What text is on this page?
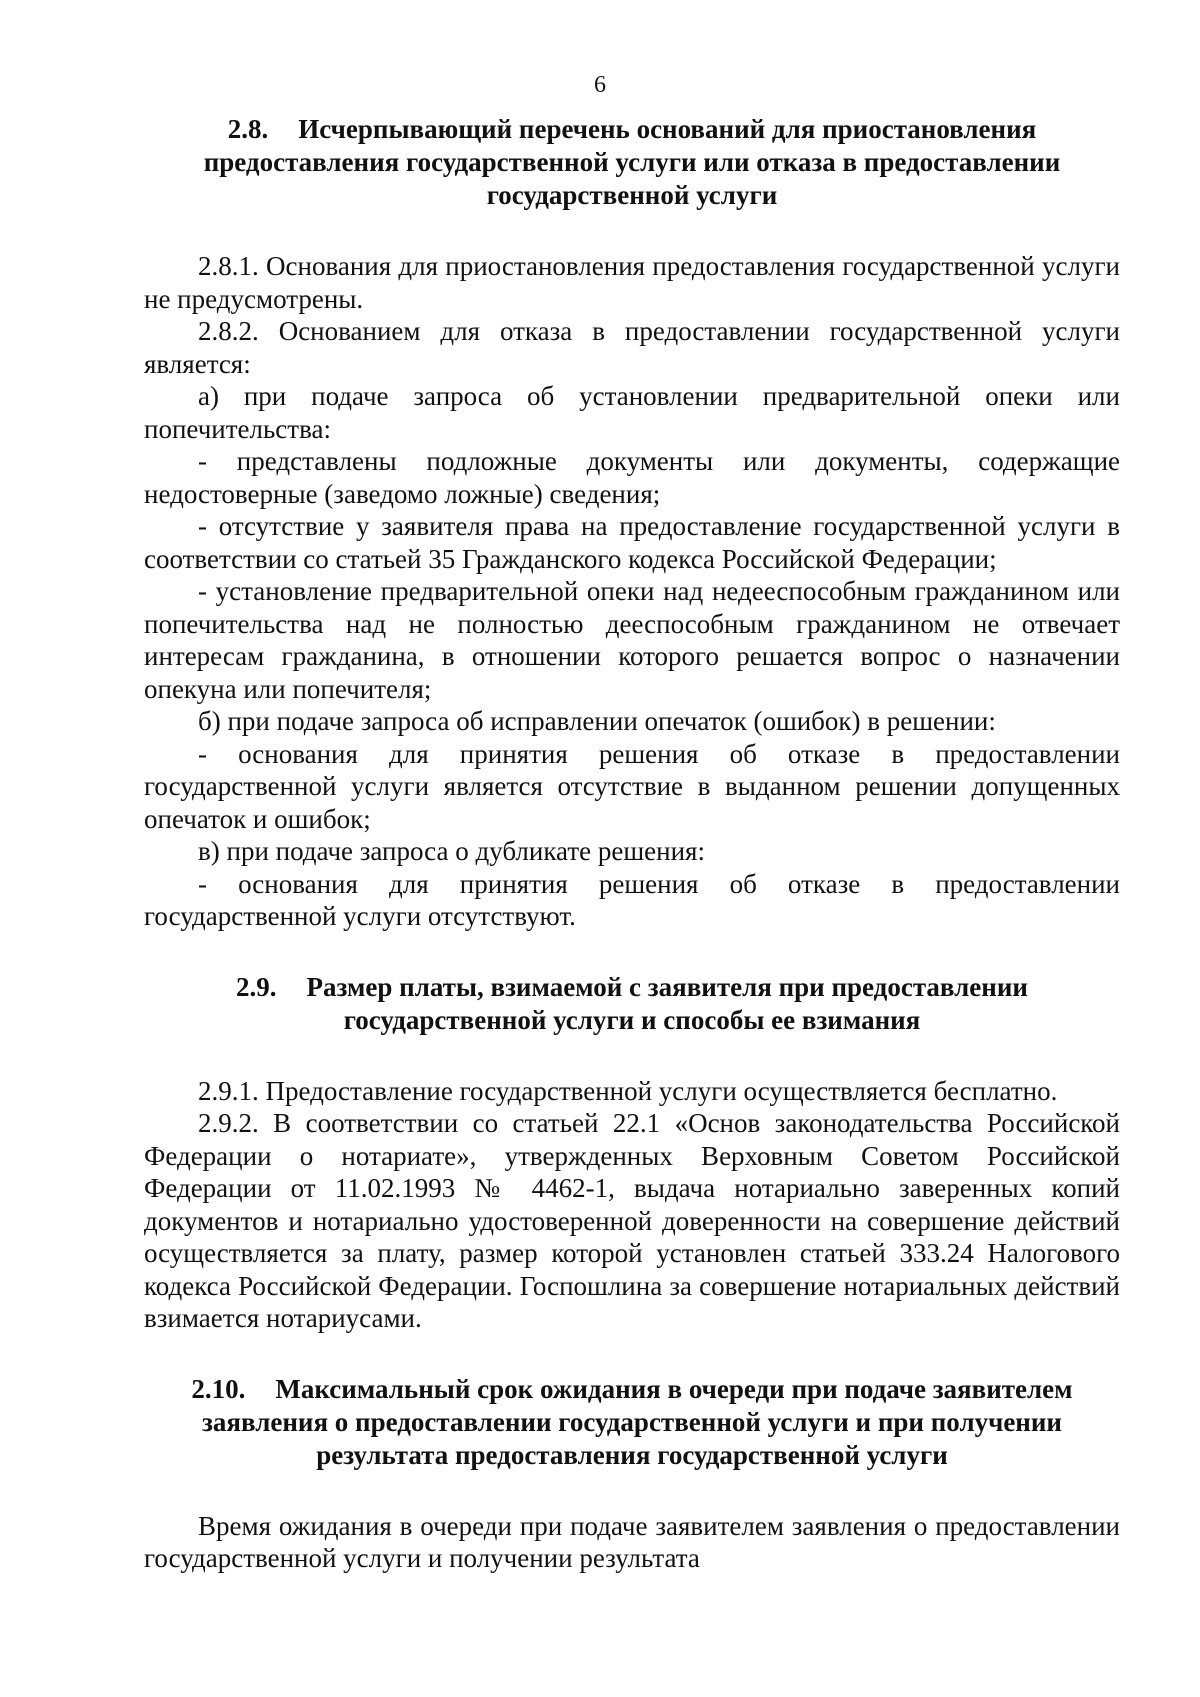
6
2.8. Исчерпывающий перечень оснований для приостановления
предоставления государственной услуги или отказа в предоставлении
государственной услуги

2.8.1. Основания для приостановления предоставления государственной услуги не предусмотрены.

2.8.2. Основанием для отказа в предоставлении государственной услуги является:

а) при подаче запроса об установлении предварительной опеки или попечительства:

- представлены подложные документы или документы, содержащие недостоверные (заведомо ложные) сведения;

- отсутствие у заявителя права на предоставление государственной услуги в соответствии со статьей 35 Гражданского кодекса Российской Федерации;

- установление предварительной опеки над недееспособным гражданином или попечительства над не полностью дееспособным гражданином не отвечает интересам гражданина, в отношении которого решается вопрос о назначении опекуна или попечителя;

б) при подаче запроса об исправлении опечаток (ошибок) в решении:

- основания для принятия решения об отказе в предоставлении государственной услуги является отсутствие в выданном решении допущенных опечаток и ошибок;

в) при подаче запроса о дубликате решения:

- основания для принятия решения об отказе в предоставлении государственной услуги отсутствуют.

2.9. Размер платы, взимаемой с заявителя при предоставлении
государственной услуги и способы ее взимания

2.9.1. Предоставление государственной услуги осуществляется бесплатно.

2.9.2. В соответствии со статьей 22.1 «Основ законодательства Российской Федерации о нотариате», утвержденных Верховным Советом Российской Федерации от 11.02.1993 № 4462-1, выдача нотариально заверенных копий документов и нотариально удостоверенной доверенности на совершение действий осуществляется за плату, размер которой установлен статьей 333.24 Налогового кодекса Российской Федерации. Госпошлина за совершение нотариальных действий взимается нотариусами.

2.10. Максимальный срок ожидания в очереди при подаче заявителем
заявления о предоставлении государственной услуги и при получении
результата предоставления государственной услуги

Время ожидания в очереди при подаче заявителем заявления о предоставлении государственной услуги и получении результата
